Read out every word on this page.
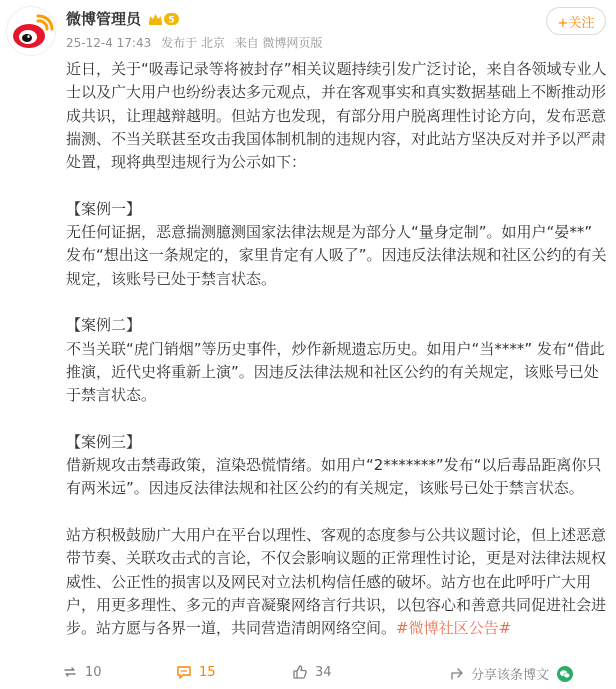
微博管理员	5
25-12-4 17:43 发布于 北京 来自 微博网页版
+关注

近日，关于“吸毒记录等将被封存”相关议题持续引发广泛讨论，来自各领域专业人士以及广大用户也纷纷表达多元观点，并在客观事实和真实数据基础上不断推动形成共识，让理越辩越明。但站方也发现，有部分用户脱离理性讨论方向，发布恶意揣测、不当关联甚至攻击我国体制机制的违规内容，对此站方坚决反对并予以严肃处置，现将典型违规行为公示如下：

【案例一】
无任何证据，恶意揣测臆测国家法律法规是为部分人“量身定制”。如用户“晏**” 发布“想出这一条规定的，家里肯定有人吸了”。因违反法律法规和社区公约的有关规定，该账号已处于禁言状态。
【案例二】
不当关联“虎门销烟”等历史事件，炒作新规遗忘历史。如用户“当****” 发布“借此推演，近代史将重新上演”。因违反法律法规和社区公约的有关规定，该账号已处于禁言状态。
【案例三】
借新规攻击禁毒政策，渲染恐慌情绪。如用户“2*******”发布“以后毒品距离你只有两米远”。因违反法律法规和社区公约的有关规定，该账号已处于禁言状态。

站方积极鼓励广大用户在平台以理性、客观的态度参与公共议题讨论，但上述恶意带节奏、关联攻击式的言论，不仅会影响议题的正常理性讨论，更是对法律法规权威性、公正性的损害以及网民对立法机构信任感的破坏。站方也在此呼吁广大用户，用更多理性、多元的声音凝聚网络言行共识，以包容心和善意共同促进社会进步。站方愿与各界一道，共同营造清朗网络空间。#微博社区公告#

10	15	34	分享该条博文
